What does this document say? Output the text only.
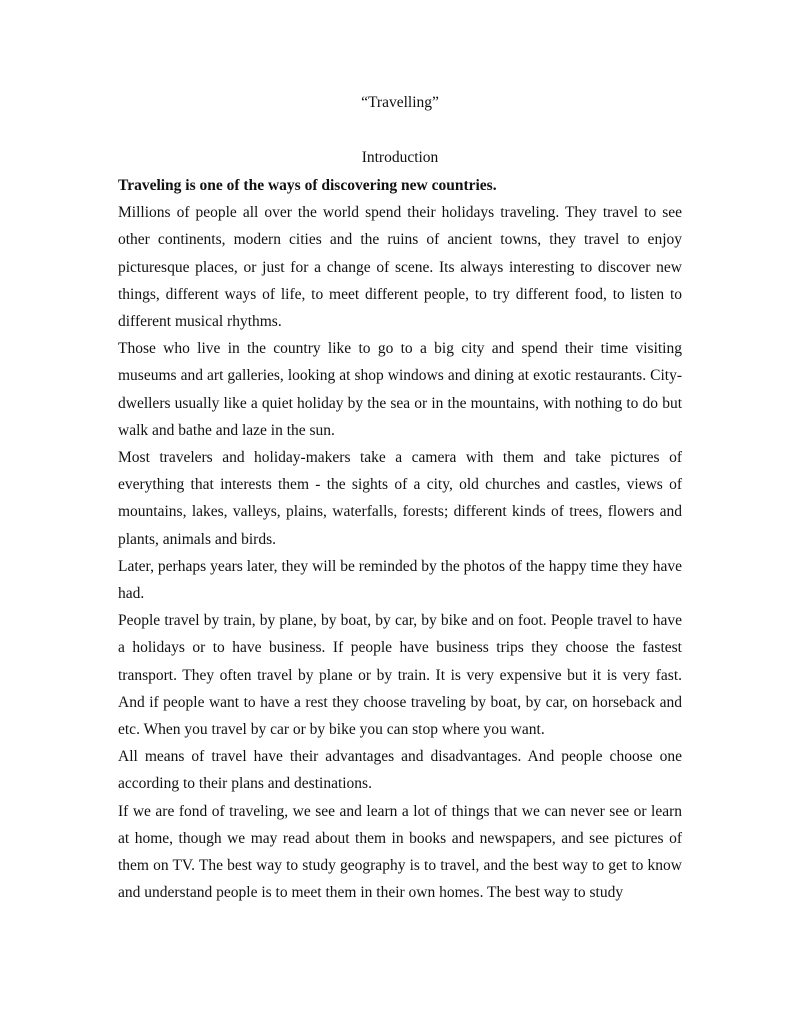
“Travelling”
Introduction

Traveling is one of the ways of discovering new countries.

Millions of people all over the world spend their holidays traveling. They travel to see other continents, modern cities and the ruins of ancient towns, they travel to enjoy picturesque places, or just for a change of scene. Its always interesting to discover new things, different ways of life, to meet different people, to try different food, to listen to different musical rhythms.

Those who live in the country like to go to a big city and spend their time visiting museums and art galleries, looking at shop windows and dining at exotic restaurants. City-dwellers usually like a quiet holiday by the sea or in the mountains, with nothing to do but walk and bathe and laze in the sun.

Most travelers and holiday-makers take a camera with them and take pictures of everything that interests them - the sights of a city, old churches and castles, views of mountains, lakes, valleys, plains, waterfalls, forests; different kinds of trees, flowers and plants, animals and birds.

Later, perhaps years later, they will be reminded by the photos of the happy time they have had.

People travel by train, by plane, by boat, by car, by bike and on foot. People travel to have a holidays or to have business. If people have business trips they choose the fastest transport. They often travel by plane or by train. It is very expensive but it is very fast. And if people want to have a rest they choose traveling by boat, by car, on horseback and etc. When you travel by car or by bike you can stop where you want.

All means of travel have their advantages and disadvantages. And people choose one according to their plans and destinations.

If we are fond of traveling, we see and learn a lot of things that we can never see or learn at home, though we may read about them in books and newspapers, and see pictures of them on TV. The best way to study geography is to travel, and the best way to get to know and understand people is to meet them in their own homes. The best way to study
